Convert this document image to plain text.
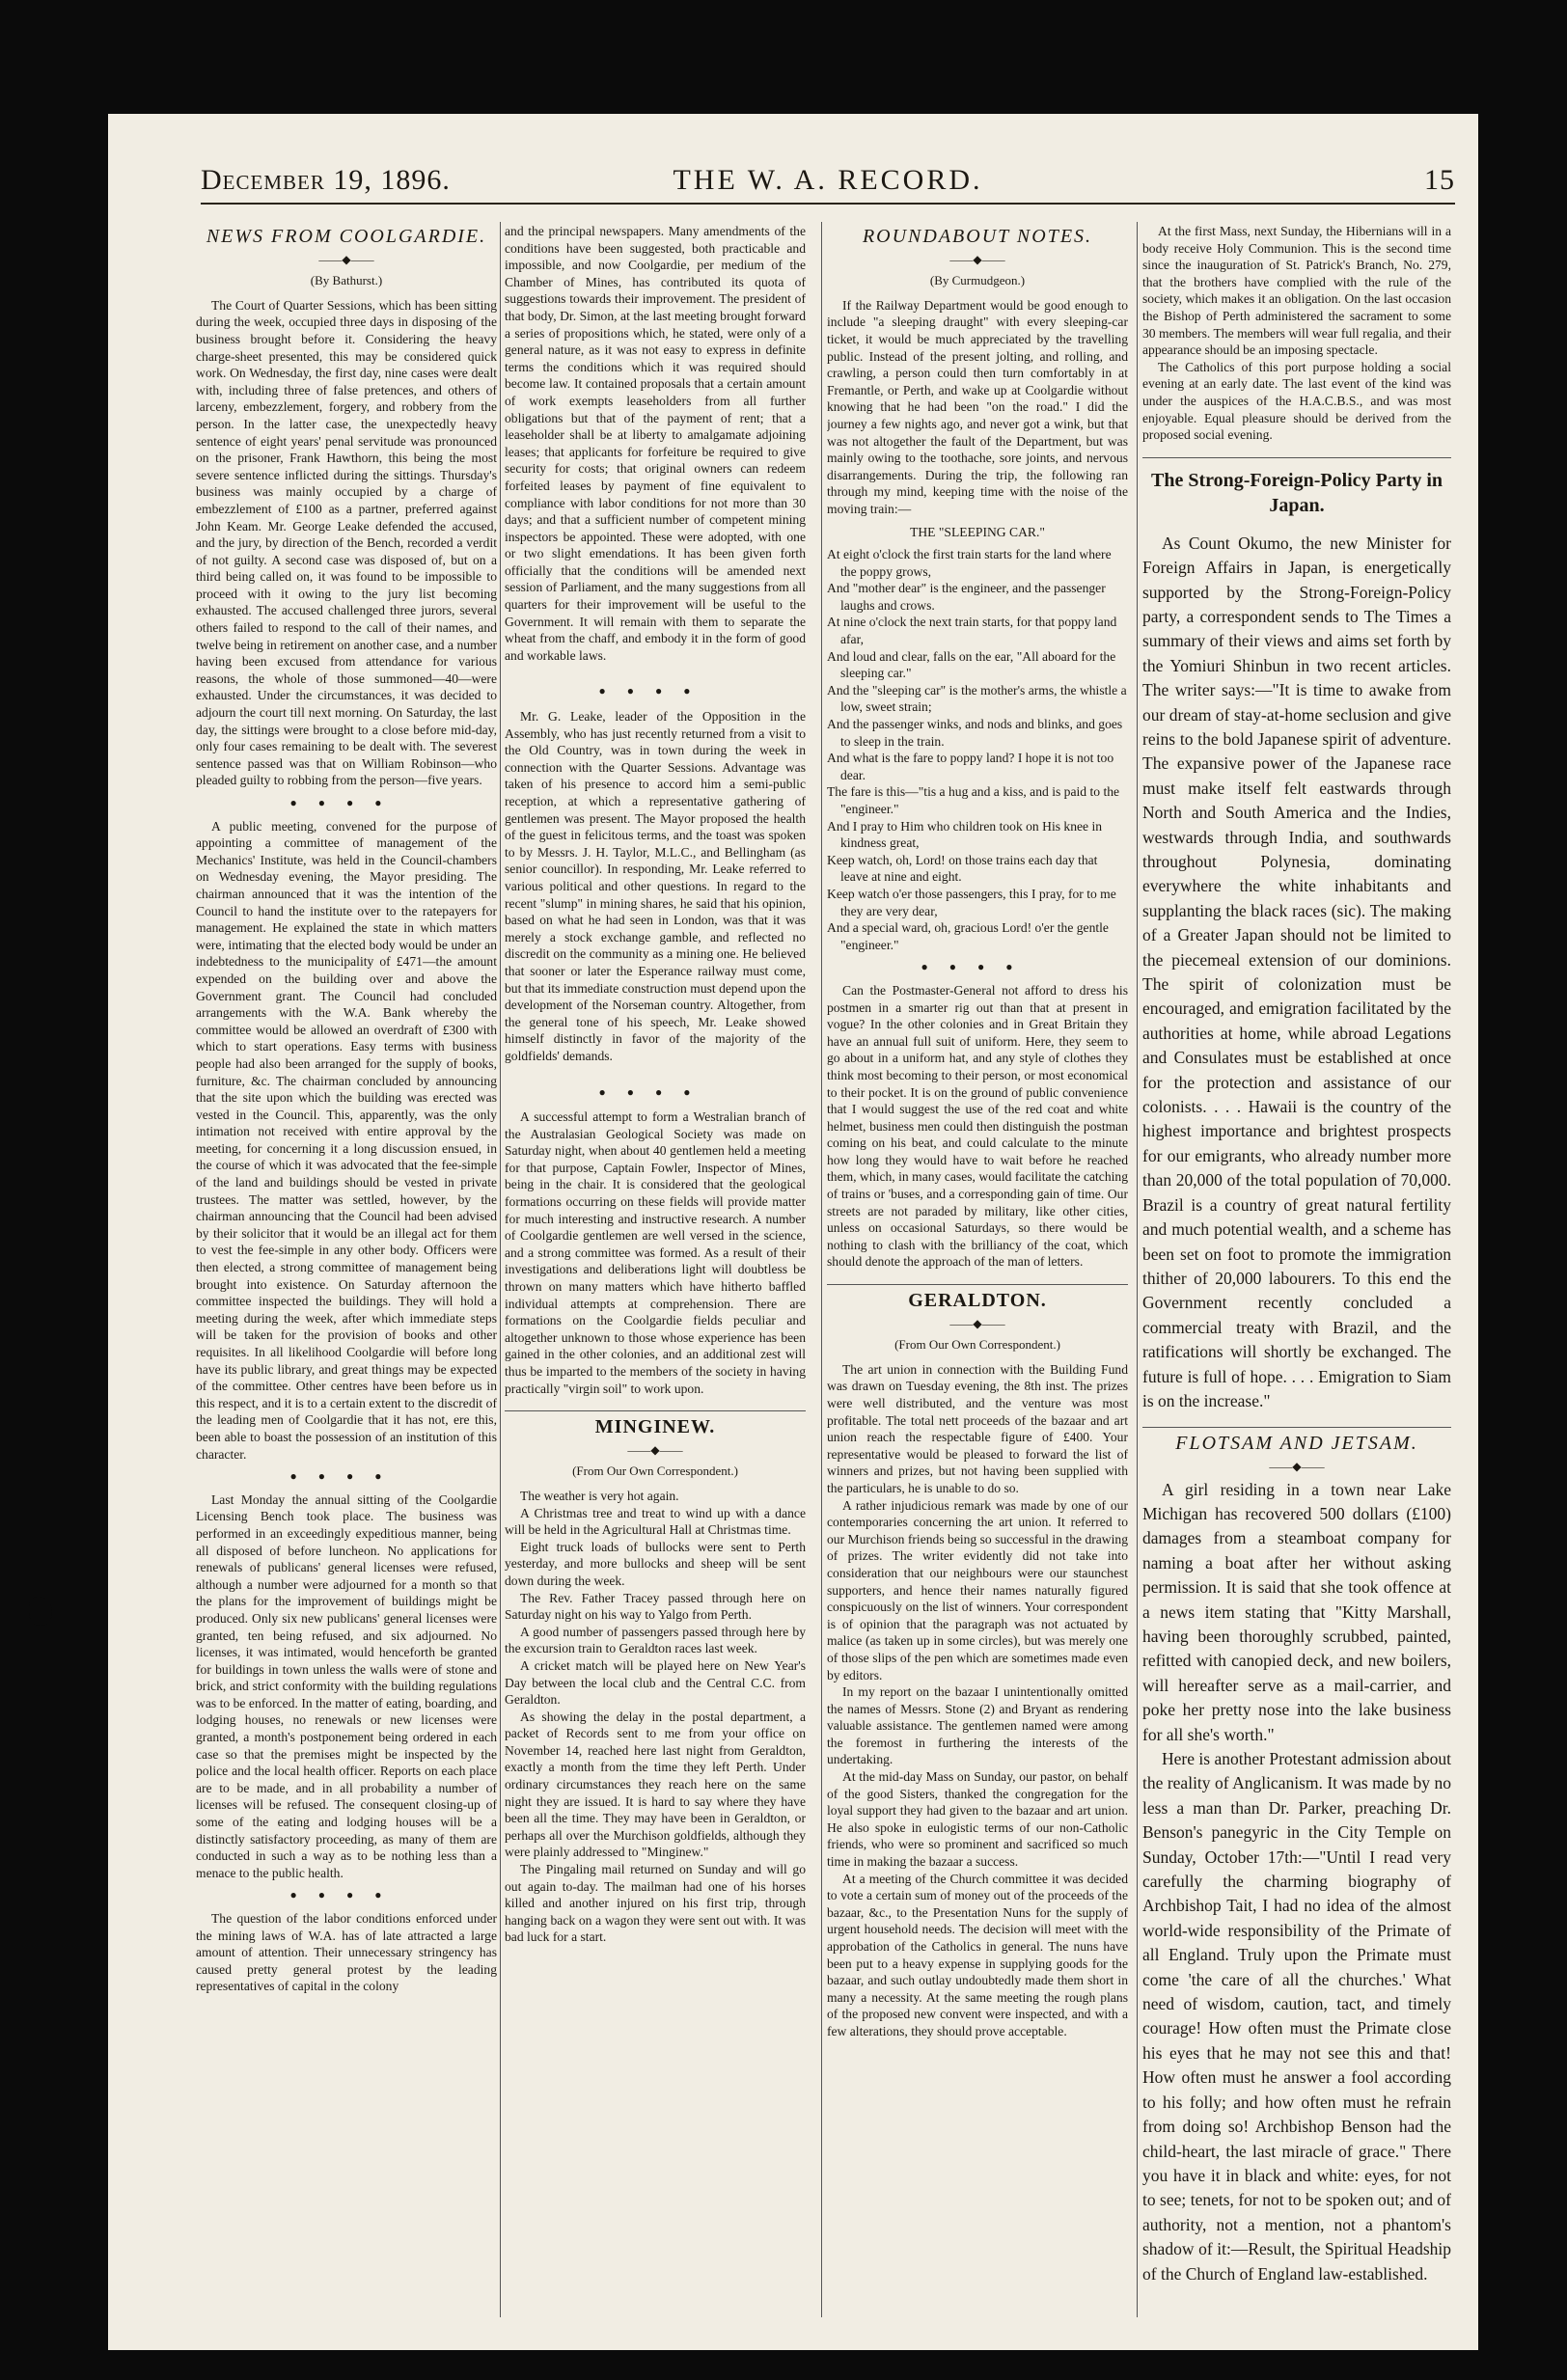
December 19, 1896.	THE W. A. RECORD.	15
NEWS FROM COOLGARDIE.
——◆——
(By Bathurst.)

The Court of Quarter Sessions, which has been sitting during the week, occupied three days in disposing of the business brought before it. Considering the heavy charge-sheet presented, this may be considered quick work. On Wednesday, the first day, nine cases were dealt with, including three of false pretences, and others of larceny, embezzlement, forgery, and robbery from the person. In the latter case, the unexpectedly heavy sentence of eight years' penal servitude was pronounced on the prisoner, Frank Hawthorn, this being the most severe sentence inflicted during the sittings. Thursday's business was mainly occupied by a charge of embezzlement of £100 as a partner, preferred against John Keam. Mr. George Leake defended the accused, and the jury, by direction of the Bench, recorded a verdit of not guilty. A second case was disposed of, but on a third being called on, it was found to be impossible to proceed with it owing to the jury list becoming exhausted. The accused challenged three jurors, several others failed to respond to the call of their names, and twelve being in retirement on another case, and a number having been excused from attendance for various reasons, the whole of those summoned—40—were exhausted. Under the circumstances, it was decided to adjourn the court till next morning. On Saturday, the last day, the sittings were brought to a close before mid-day, only four cases remaining to be dealt with. The severest sentence passed was that on William Robinson—who pleaded guilty to robbing from the person—five years.

●●●●

A public meeting, convened for the purpose of appointing a committee of management of the Mechanics' Institute, was held in the Council-chambers on Wednesday evening, the Mayor presiding. The chairman announced that it was the intention of the Council to hand the institute over to the ratepayers for management. He explained the state in which matters were, intimating that the elected body would be under an indebtedness to the municipality of £471—the amount expended on the building over and above the Government grant. The Council had concluded arrangements with the W.A. Bank whereby the committee would be allowed an overdraft of £300 with which to start operations. Easy terms with business people had also been arranged for the supply of books, furniture, &c. The chairman concluded by announcing that the site upon which the building was erected was vested in the Council. This, apparently, was the only intimation not received with entire approval by the meeting, for concerning it a long discussion ensued, in the course of which it was advocated that the fee-simple of the land and buildings should be vested in private trustees. The matter was settled, however, by the chairman announcing that the Council had been advised by their solicitor that it would be an illegal act for them to vest the fee-simple in any other body. Officers were then elected, a strong committee of management being brought into existence. On Saturday afternoon the committee inspected the buildings. They will hold a meeting during the week, after which immediate steps will be taken for the provision of books and other requisites. In all likelihood Coolgardie will before long have its public library, and great things may be expected of the committee. Other centres have been before us in this respect, and it is to a certain extent to the discredit of the leading men of Coolgardie that it has not, ere this, been able to boast the possession of an institution of this character.

●●●●

Last Monday the annual sitting of the Coolgardie Licensing Bench took place. The business was performed in an exceedingly expeditious manner, being all disposed of before luncheon. No applications for renewals of publicans' general licenses were refused, although a number were adjourned for a month so that the plans for the improvement of buildings might be produced. Only six new publicans' general licenses were granted, ten being refused, and six adjourned. No licenses, it was intimated, would henceforth be granted for buildings in town unless the walls were of stone and brick, and strict conformity with the building regulations was to be enforced. In the matter of eating, boarding, and lodging houses, no renewals or new licenses were granted, a month's postponement being ordered in each case so that the premises might be inspected by the police and the local health officer. Reports on each place are to be made, and in all probability a number of licenses will be refused. The consequent closing-up of some of the eating and lodging houses will be a distinctly satisfactory proceeding, as many of them are conducted in such a way as to be nothing less than a menace to the public health.

●●●●

The question of the labor conditions enforced under the mining laws of W.A. has of late attracted a large amount of attention. Their unnecessary stringency has caused pretty general protest by the leading representatives of capital in the colony

and the principal newspapers. Many amendments of the conditions have been suggested, both practicable and impossible, and now Coolgardie, per medium of the Chamber of Mines, has contributed its quota of suggestions towards their improvement. The president of that body, Dr. Simon, at the last meeting brought forward a series of propositions which, he stated, were only of a general nature, as it was not easy to express in definite terms the conditions which it was required should become law. It contained proposals that a certain amount of work exempts leaseholders from all further obligations but that of the payment of rent; that a leaseholder shall be at liberty to amalgamate adjoining leases; that applicants for forfeiture be required to give security for costs; that original owners can redeem forfeited leases by payment of fine equivalent to compliance with labor conditions for not more than 30 days; and that a sufficient number of competent mining inspectors be appointed. These were adopted, with one or two slight emendations. It has been given forth officially that the conditions will be amended next session of Parliament, and the many suggestions from all quarters for their improvement will be useful to the Government. It will remain with them to separate the wheat from the chaff, and embody it in the form of good and workable laws.

●●●●

Mr. G. Leake, leader of the Opposition in the Assembly, who has just recently returned from a visit to the Old Country, was in town during the week in connection with the Quarter Sessions. Advantage was taken of his presence to accord him a semi-public reception, at which a representative gathering of gentlemen was present. The Mayor proposed the health of the guest in felicitous terms, and the toast was spoken to by Messrs. J. H. Taylor, M.L.C., and Bellingham (as senior councillor). In responding, Mr. Leake referred to various political and other questions. In regard to the recent "slump" in mining shares, he said that his opinion, based on what he had seen in London, was that it was merely a stock exchange gamble, and reflected no discredit on the community as a mining one. He believed that sooner or later the Esperance railway must come, but that its immediate construction must depend upon the development of the Norseman country. Altogether, from the general tone of his speech, Mr. Leake showed himself distinctly in favor of the majority of the goldfields' demands.

●●●●

A successful attempt to form a Westralian branch of the Australasian Geological Society was made on Saturday night, when about 40 gentlemen held a meeting for that purpose, Captain Fowler, Inspector of Mines, being in the chair. It is considered that the geological formations occurring on these fields will provide matter for much interesting and instructive research. A number of Coolgardie gentlemen are well versed in the science, and a strong committee was formed. As a result of their investigations and deliberations light will doubtless be thrown on many matters which have hitherto baffled individual attempts at comprehension. There are formations on the Coolgardie fields peculiar and altogether unknown to those whose experience has been gained in the other colonies, and an additional zest will thus be imparted to the members of the society in having practically "virgin soil" to work upon.

MINGINEW.
——◆——
(From Our Own Correspondent.)

The weather is very hot again.

A Christmas tree and treat to wind up with a dance will be held in the Agricultural Hall at Christmas time.

Eight truck loads of bullocks were sent to Perth yesterday, and more bullocks and sheep will be sent down during the week.

The Rev. Father Tracey passed through here on Saturday night on his way to Yalgo from Perth.

A good number of passengers passed through here by the excursion train to Geraldton races last week.

A cricket match will be played here on New Year's Day between the local club and the Central C.C. from Geraldton.

As showing the delay in the postal department, a packet of Records sent to me from your office on November 14, reached here last night from Geraldton, exactly a month from the time they left Perth. Under ordinary circumstances they reach here on the same night they are issued. It is hard to say where they have been all the time. They may have been in Geraldton, or perhaps all over the Murchison goldfields, although they were plainly addressed to "Minginew."

The Pingaling mail returned on Sunday and will go out again to-day. The mailman had one of his horses killed and another injured on his first trip, through hanging back on a wagon they were sent out with. It was bad luck for a start.

ROUNDABOUT NOTES.
——◆——
(By Curmudgeon.)

If the Railway Department would be good enough to include "a sleeping draught" with every sleeping-car ticket, it would be much appreciated by the travelling public. Instead of the present jolting, and rolling, and crawling, a person could then turn comfortably in at Fremantle, or Perth, and wake up at Coolgardie without knowing that he had been "on the road." I did the journey a few nights ago, and never got a wink, but that was not altogether the fault of the Department, but was mainly owing to the toothache, sore joints, and nervous disarrangements. During the trip, the following ran through my mind, keeping time with the noise of the moving train:—

THE "SLEEPING CAR."

At eight o'clock the first train starts for the land where the poppy grows,

And "mother dear" is the engineer, and the passenger laughs and crows.

At nine o'clock the next train starts, for that poppy land afar,

And loud and clear, falls on the ear, "All aboard for the sleeping car."

And the "sleeping car" is the mother's arms, the whistle a low, sweet strain;

And the passenger winks, and nods and blinks, and goes to sleep in the train.

And what is the fare to poppy land? I hope it is not too dear.

The fare is this—"tis a hug and a kiss, and is paid to the "engineer."

And I pray to Him who children took on His knee in kindness great,

Keep watch, oh, Lord! on those trains each day that leave at nine and eight.

Keep watch o'er those passengers, this I pray, for to me they are very dear,

And a special ward, oh, gracious Lord! o'er the gentle "engineer."

●●●●

Can the Postmaster-General not afford to dress his postmen in a smarter rig out than that at present in vogue? In the other colonies and in Great Britain they have an annual full suit of uniform. Here, they seem to go about in a uniform hat, and any style of clothes they think most becoming to their person, or most economical to their pocket. It is on the ground of public convenience that I would suggest the use of the red coat and white helmet, business men could then distinguish the postman coming on his beat, and could calculate to the minute how long they would have to wait before he reached them, which, in many cases, would facilitate the catching of trains or 'buses, and a corresponding gain of time. Our streets are not paraded by military, like other cities, unless on occasional Saturdays, so there would be nothing to clash with the brilliancy of the coat, which should denote the approach of the man of letters.

GERALDTON.
——◆——
(From Our Own Correspondent.)

The art union in connection with the Building Fund was drawn on Tuesday evening, the 8th inst. The prizes were well distributed, and the venture was most profitable. The total nett proceeds of the bazaar and art union reach the respectable figure of £400. Your representative would be pleased to forward the list of winners and prizes, but not having been supplied with the particulars, he is unable to do so.

A rather injudicious remark was made by one of our contemporaries concerning the art union. It referred to our Murchison friends being so successful in the drawing of prizes. The writer evidently did not take into consideration that our neighbours were our staunchest supporters, and hence their names naturally figured conspicuously on the list of winners. Your correspondent is of opinion that the paragraph was not actuated by malice (as taken up in some circles), but was merely one of those slips of the pen which are sometimes made even by editors.

In my report on the bazaar I unintentionally omitted the names of Messrs. Stone (2) and Bryant as rendering valuable assistance. The gentlemen named were among the foremost in furthering the interests of the undertaking.

At the mid-day Mass on Sunday, our pastor, on behalf of the good Sisters, thanked the congregation for the loyal support they had given to the bazaar and art union. He also spoke in eulogistic terms of our non-Catholic friends, who were so prominent and sacrificed so much time in making the bazaar a success.

At a meeting of the Church committee it was decided to vote a certain sum of money out of the proceeds of the bazaar, &c., to the Presentation Nuns for the supply of urgent household needs. The decision will meet with the approbation of the Catholics in general. The nuns have been put to a heavy expense in supplying goods for the bazaar, and such outlay undoubtedly made them short in many a necessity. At the same meeting the rough plans of the proposed new convent were inspected, and with a few alterations, they should prove acceptable.

At the first Mass, next Sunday, the Hibernians will in a body receive Holy Communion. This is the second time since the inauguration of St. Patrick's Branch, No. 279, that the brothers have complied with the rule of the society, which makes it an obligation. On the last occasion the Bishop of Perth administered the sacrament to some 30 members. The members will wear full regalia, and their appearance should be an imposing spectacle.

The Catholics of this port purpose holding a social evening at an early date. The last event of the kind was under the auspices of the H.A.C.B.S., and was most enjoyable. Equal pleasure should be derived from the proposed social evening.

The Strong-Foreign-Policy Party in Japan.

As Count Okumo, the new Minister for Foreign Affairs in Japan, is energetically supported by the Strong-Foreign-Policy party, a correspondent sends to The Times a summary of their views and aims set forth by the Yomiuri Shinbun in two recent articles. The writer says:—"It is time to awake from our dream of stay-at-home seclusion and give reins to the bold Japanese spirit of adventure. The expansive power of the Japanese race must make itself felt eastwards through North and South America and the Indies, westwards through India, and southwards throughout Polynesia, dominating everywhere the white inhabitants and supplanting the black races (sic). The making of a Greater Japan should not be limited to the piecemeal extension of our dominions. The spirit of colonization must be encouraged, and emigration facilitated by the authorities at home, while abroad Legations and Consulates must be established at once for the protection and assistance of our colonists. . . . Hawaii is the country of the highest importance and brightest prospects for our emigrants, who already number more than 20,000 of the total population of 70,000. Brazil is a country of great natural fertility and much potential wealth, and a scheme has been set on foot to promote the immigration thither of 20,000 labourers. To this end the Government recently concluded a commercial treaty with Brazil, and the ratifications will shortly be exchanged. The future is full of hope. . . . Emigration to Siam is on the increase."

FLOTSAM AND JETSAM.
——◆——

A girl residing in a town near Lake Michigan has recovered 500 dollars (£100) damages from a steamboat company for naming a boat after her without asking permission. It is said that she took offence at a news item stating that "Kitty Marshall, having been thoroughly scrubbed, painted, refitted with canopied deck, and new boilers, will hereafter serve as a mail-carrier, and poke her pretty nose into the lake business for all she's worth."

Here is another Protestant admission about the reality of Anglicanism. It was made by no less a man than Dr. Parker, preaching Dr. Benson's panegyric in the City Temple on Sunday, October 17th:—"Until I read very carefully the charming biography of Archbishop Tait, I had no idea of the almost world-wide responsibility of the Primate of all England. Truly upon the Primate must come 'the care of all the churches.' What need of wisdom, caution, tact, and timely courage! How often must the Primate close his eyes that he may not see this and that! How often must he answer a fool according to his folly; and how often must he refrain from doing so! Archbishop Benson had the child-heart, the last miracle of grace." There you have it in black and white: eyes, for not to see; tenets, for not to be spoken out; and of authority, not a mention, not a phantom's shadow of it:—Result, the Spiritual Headship of the Church of England law-established.
